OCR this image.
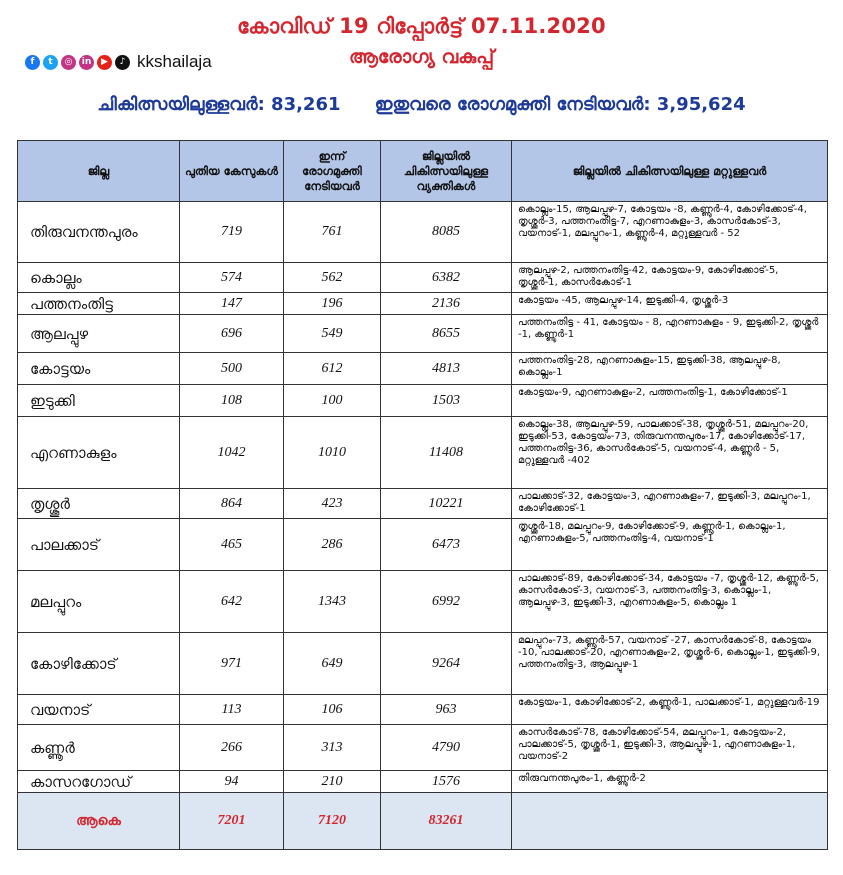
കോവിഡ് 19 റിപ്പോർട്ട് 07.11.2020
ആരോഗ്യ വകുപ്പ്
f	t	◎	in	▶	♪ kkshailaja
ചികിത്സയിലുള്ളവർ: 83,261 ഇതുവരെ രോഗമുക്തി നേടിയവർ: 3,95,624
ജില്ല	പുതിയ കേസുകൾ	ഇന്ന് രോഗമുക്തി നേടിയവർ	ജില്ലയിൽ ചികിത്സയിലുള്ള വ്യക്തികൾ	ജില്ലയിൽ ചികിത്സയിലുള്ള മറ്റുള്ളവർ
തിരുവനന്തപുരം	719	761	8085	കൊല്ലം-15, ആലപ്പുഴ-7, കോട്ടയം -8, കണ്ണൂർ-4, കോഴിക്കോട്-4, തൃശ്ശൂർ-3, പത്തനംതിട്ട-7, എറണാകുളം-3, കാസർകോട്-3, വയനാട്-1, മലപ്പുറം-1, കണ്ണൂർ-4, മറ്റുള്ളവർ - 52
കൊല്ലം	574	562	6382	ആലപ്പുഴ-2, പത്തനംതിട്ട-42, കോട്ടയം-9, കോഴിക്കോട്-5, തൃശ്ശൂർ-1, കാസർകോട്-1
പത്തനംതിട്ട	147	196	2136	കോട്ടയം -45, ആലപ്പുഴ-14, ഇടുക്കി-4, തൃശ്ശൂർ-3
ആലപ്പുഴ	696	549	8655	പത്തനംതിട്ട - 41, കോട്ടയം - 8, എറണാകുളം - 9, ഇടുക്കി-2, തൃശ്ശൂർ -1, കണ്ണൂർ-1
കോട്ടയം	500	612	4813	പത്തനംതിട്ട-28, എറണാകുളം-15, ഇടുക്കി-38, ആലപ്പുഴ-8, കൊല്ലം-1
ഇടുക്കി	108	100	1503	കോട്ടയം-9, എറണാകുളം-2, പത്തനംതിട്ട-1, കോഴിക്കോട്-1
എറണാകുളം	1042	1010	11408	കൊല്ലം-38, ആലപ്പുഴ-59, പാലക്കാട്-38, തൃശ്ശൂർ-51, മലപ്പുറം-20, ഇടുക്കി-53, കോട്ടയം-73, തിരുവനന്തപുരം-17, കോഴിക്കോട്-17, പത്തനംതിട്ട-36, കാസർകോട്-5, വയനാട്-4, കണ്ണൂർ - 5, മറ്റുള്ളവർ -402
തൃശ്ശൂർ	864	423	10221	പാലക്കാട്-32, കോട്ടയം-3, എറണാകുളം-7, ഇടുക്കി-3, മലപ്പുറം-1, കോഴിക്കോട്-1
പാലക്കാട്	465	286	6473	തൃശ്ശൂർ-18, മലപ്പുറം-9, കോഴിക്കോട്-9, കണ്ണൂർ-1, കൊല്ലം-1, എറണാകുളം-5, പത്തനംതിട്ട-4, വയനാട്-1
മലപ്പുറം	642	1343	6992	പാലക്കാട്-89, കോഴിക്കോട്-34, കോട്ടയം -7, തൃശ്ശൂർ-12, കണ്ണൂർ-5, കാസർകോട്-3, വയനാട്-3, പത്തനംതിട്ട-3, കൊല്ലം-1, ആലപ്പുഴ-3, ഇടുക്കി-3, എറണാകുളം-5, കൊല്ലം 1
കോഴിക്കോട്	971	649	9264	മലപ്പുറം-73, കണ്ണൂർ-57, വയനാട് -27, കാസർകോട്-8, കോട്ടയം -10, പാലക്കാട്-20, എറണാകുളം-2, തൃശ്ശൂർ-6, കൊല്ലം-1, ഇടുക്കി-9, പത്തനംതിട്ട-3, ആലപ്പുഴ-1
വയനാട്	113	106	963	കോട്ടയം-1, കോഴിക്കോട്-2, കണ്ണൂർ-1, പാലക്കാട്-1, മറ്റുള്ളവർ-19
കണ്ണൂർ	266	313	4790	കാസർകോട്-78, കോഴിക്കോട്-54, മലപ്പുറം-1, കോട്ടയം-2, പാലക്കാട്-5, തൃശ്ശൂർ-1, ഇടുക്കി-3, ആലപ്പുഴ-1, എറണാകുളം-1, വയനാട്-2
കാസറഗോഡ്	94	210	1576	തിരുവനന്തപുരം-1, കണ്ണൂർ-2
ആകെ	7201	7120	83261	
